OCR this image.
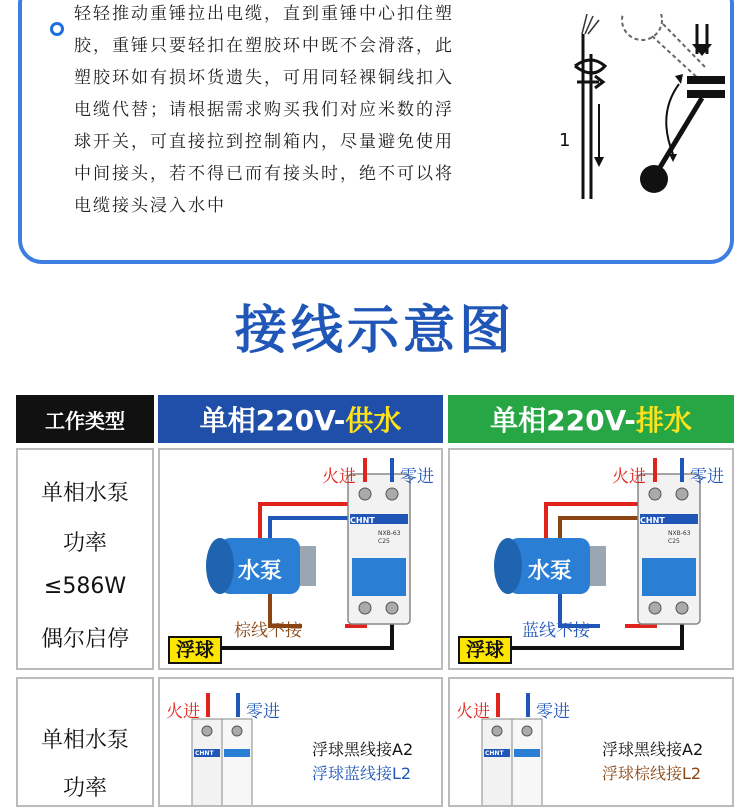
轻轻推动重锤拉出电缆，直到重锤中心扣住塑
胶，重锤只要轻扣在塑胶环中既不会滑落，此
塑胶环如有损坏货遗失，可用同轻裸铜线扣入
电缆代替；请根据需求购买我们对应米数的浮
球开关，可直接拉到控制箱内，尽量避免使用
中间接头，若不得已而有接头时，绝不可以将
电缆接头浸入水中
1
接线示意图
工作类型	单相220V- 供水	单相220V- 排水
单相水泵
功率
≤586W
偶尔启停
火进	零进
CHNT
NXB-63
C25
水泵
棕线不接
浮球
火进	零进
CHNT
NXB-63
C25
水泵
蓝线不接
浮球
单相水泵
功率
火进	零进
CHNT	浮球黑线接A2
浮球蓝线接L2
火进	零进
CHNT	浮球黑线接A2
浮球棕线接L2
